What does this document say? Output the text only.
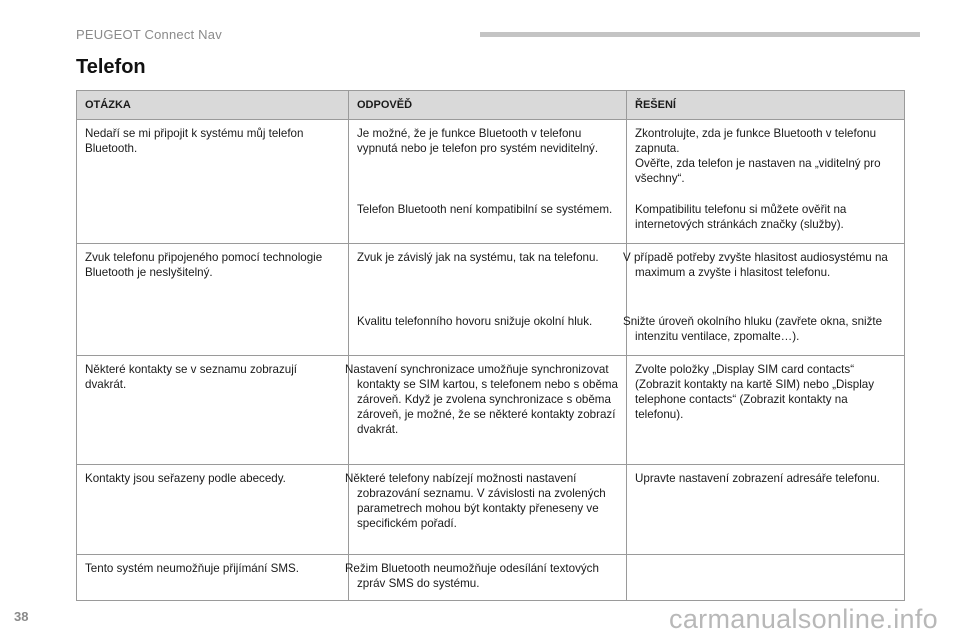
PEUGEOT Connect Nav
Telefon
OTÁZKA	ODPOVĚĎ	ŘEŠENÍ
Nedaří se mi připojit k systému můj telefon Bluetooth.	Je možné, že je funkce Bluetooth v telefonu vypnutá nebo je telefon pro systém neviditelný.	Zkontrolujte, zda je funkce Bluetooth v telefonu zapnuta.
Ověřte, zda telefon je nastaven na „viditelný pro všechny“.

	Telefon Bluetooth není kompatibilní se systémem.	Kompatibilitu telefonu si můžete ověřit na internetových stránkách značky (služby).
Zvuk telefonu připojeného pomocí technologie Bluetooth je neslyšitelný.	Zvuk je závislý jak na systému, tak na telefonu.	V případě potřeby zvyšte hlasitost audiosystému na maximum a zvyšte i hlasitost telefonu.
	Kvalitu telefonního hovoru snižuje okolní hluk.	Snižte úroveň okolního hluku (zavřete okna, snižte intenzitu ventilace, zpomalte…).
Některé kontakty se v seznamu zobrazují dvakrát.	Nastavení synchronizace umožňuje synchronizovat kontakty se SIM kartou, s telefonem nebo s oběma zároveň. Když je zvolena synchronizace s oběma zároveň, je možné, že se některé kontakty zobrazí dvakrát.	Zvolte položky „Display SIM card contacts“ (Zobrazit kontakty na kartě SIM) nebo „Display telephone contacts“ (Zobrazit kontakty na telefonu).
Kontakty jsou seřazeny podle abecedy.	Některé telefony nabízejí možnosti nastavení zobrazování seznamu. V závislosti na zvolených parametrech mohou být kontakty přeneseny ve specifickém pořadí.	Upravte nastavení zobrazení adresáře telefonu.
Tento systém neumožňuje přijímání SMS.	Režim Bluetooth neumožňuje odesílání textových zpráv SMS do systému.	
38	carmanualsonline.info
